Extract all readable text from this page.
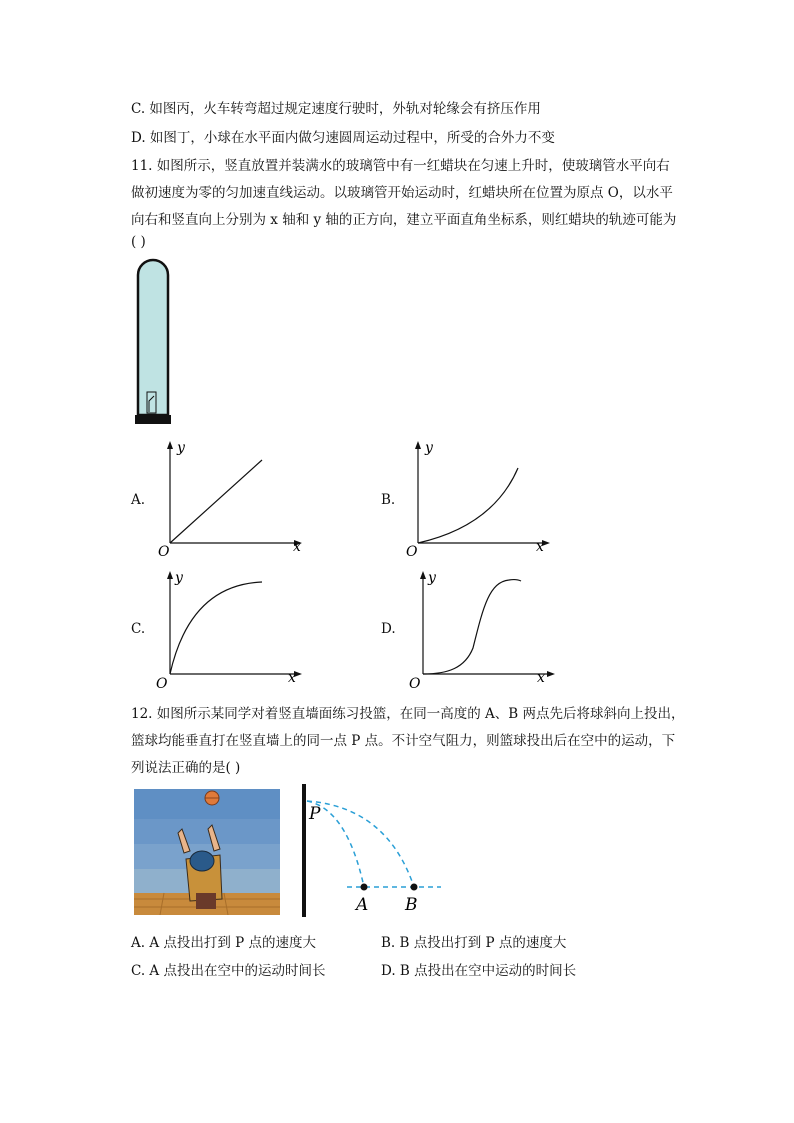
C. 如图丙，火车转弯超过规定速度行驶时，外轨对轮缘会有挤压作用
D. 如图丁，小球在水平面内做匀速圆周运动过程中，所受的合外力不变
11. 如图所示，竖直放置并装满水的玻璃管中有一红蜡块在匀速上升时，使玻璃管水平向右
做初速度为零的匀加速直线运动。以玻璃管开始运动时，红蜡块所在位置为原点 O，以水平
向右和竖直向上分别为 x 轴和 y 轴的正方向，建立平面直角坐标系，则红蜡块的轨迹可能为
( )
A.
y
x
O
B.
y
x
O
C.
y
x
O
D.
y
x
O
12. 如图所示某同学对着竖直墙面练习投篮，在同一高度的 A、B 两点先后将球斜向上投出，
篮球均能垂直打在竖直墙上的同一点 P 点。不计空气阻力，则篮球投出后在空中的运动，下
列说法正确的是( )
P
A B
A. A 点投出打到 P 点的速度大	B. B 点投出打到 P 点的速度大
C. A 点投出在空中的运动时间长	D. B 点投出在空中运动的时间长
